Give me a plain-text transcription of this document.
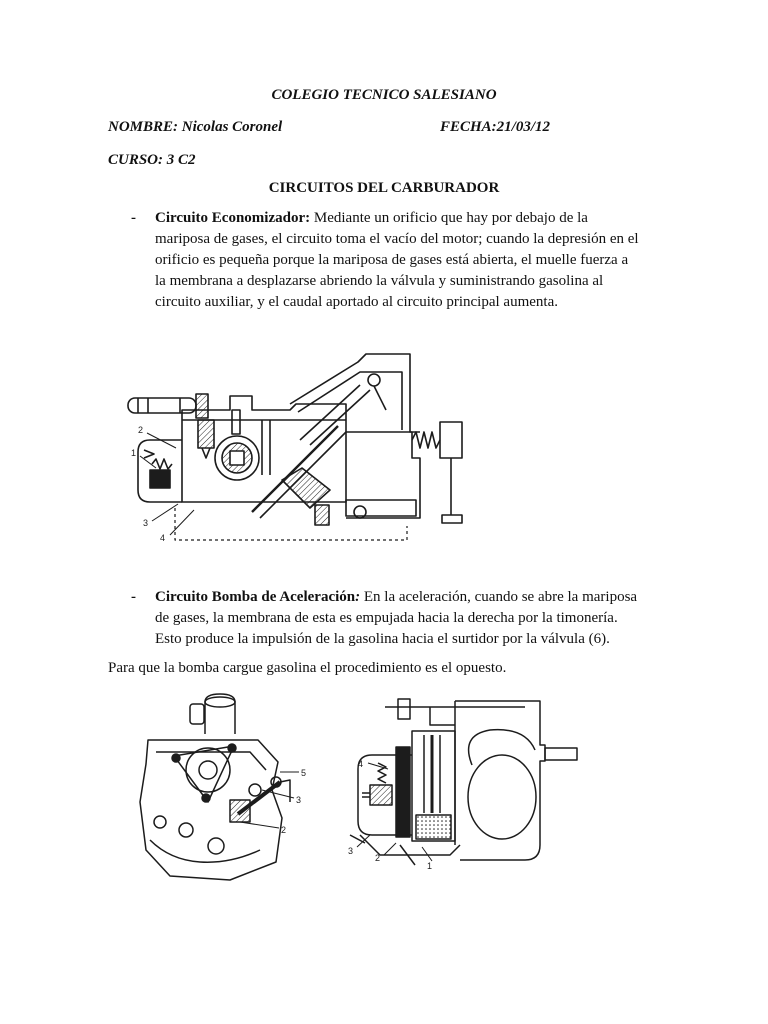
COLEGIO TECNICO SALESIANO
NOMBRE: Nicolas Coronel	FECHA:21/03/12
CURSO: 3 C2
CIRCUITOS DEL CARBURADOR
- Circuito Economizador: Mediante un orificio que hay por debajo de la
mariposa de gases, el circuito toma el vacío del motor; cuando la depresión en el
orificio es pequeña porque la mariposa de gases está abierta, el muelle fuerza a
la membrana a desplazarse abriendo la válvula y suministrando gasolina al
circuito auxiliar, y el caudal aportado al circuito principal aumenta.
2
1
3
4
- Circuito Bomba de Aceleración: En la aceleración, cuando se abre la mariposa
de gases, la membrana de esta es empujada hacia la derecha por la timonería.
Esto produce la impulsión de la gasolina hacia el surtidor por la válvula (6).
Para que la bomba cargue gasolina el procedimiento es el opuesto.
5
3
2
4
3
2
1
